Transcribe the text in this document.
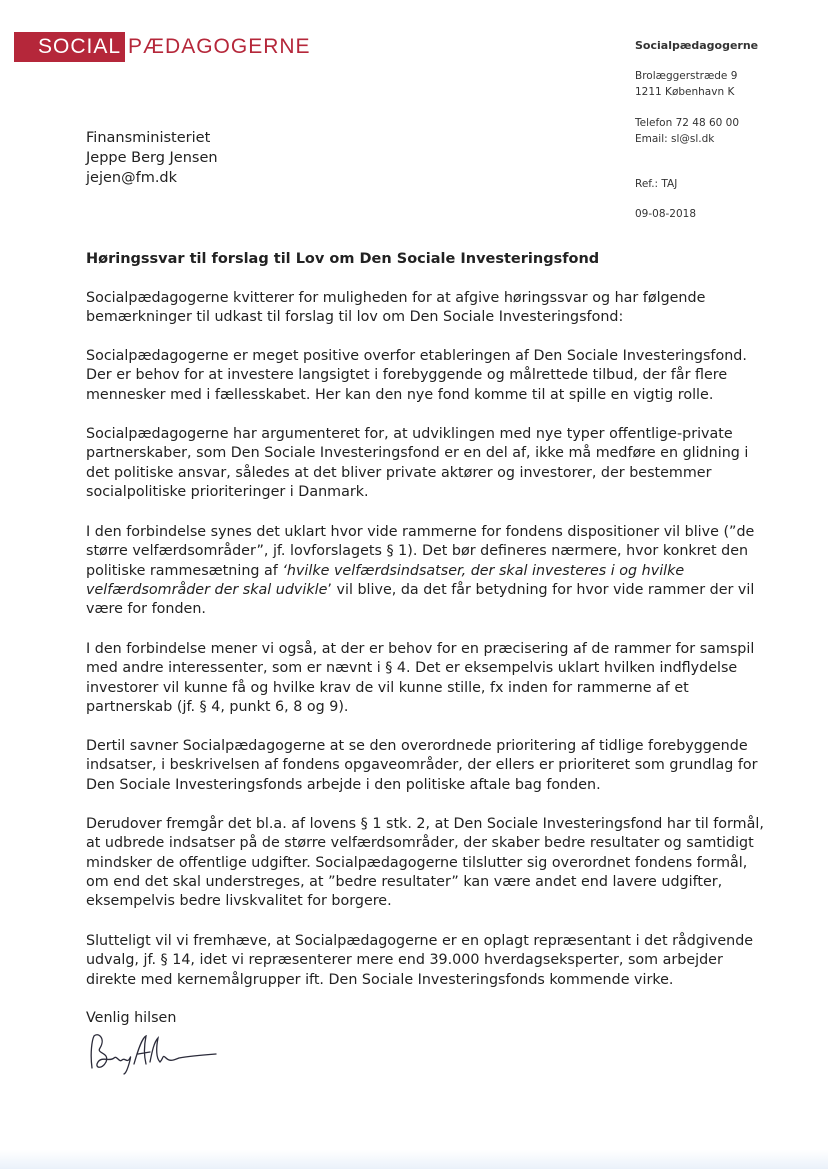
SOCIAL PÆDAGOGERNE	Socialpædagogerne
Brolæggerstræde 9
1211 København K
Telefon 72 48 60 00
Email: sl@sl.dk
Ref.: TAJ
09-08-2018
Finansministeriet
Jeppe Berg Jensen
jejen@fm.dk
Høringssvar til forslag til Lov om Den Sociale Investeringsfond

Socialpædagogerne kvitterer for muligheden for at afgive høringssvar og har følgende bemærkninger til udkast til forslag til lov om Den Sociale Investeringsfond:

Socialpædagogerne er meget positive overfor etableringen af Den Sociale Investeringsfond. Der er behov for at investere langsigtet i forebyggende og målrettede tilbud, der får flere mennesker med i fællesskabet. Her kan den nye fond komme til at spille en vigtig rolle.

Socialpædagogerne har argumenteret for, at udviklingen med nye typer offentlige-private partnerskaber, som Den Sociale Investeringsfond er en del af, ikke må medføre en glidning i det politiske ansvar, således at det bliver private aktører og investorer, der bestemmer socialpolitiske prioriteringer i Danmark.

I den forbindelse synes det uklart hvor vide rammerne for fondens dispositioner vil blive (”de større velfærdsområder”, jf. lovforslagets § 1). Det bør defineres nærmere, hvor konkret den politiske rammesætning af ‘hvilke velfærdsindsatser, der skal investeres i og hvilke velfærdsområder der skal udvikle’ vil blive, da det får betydning for hvor vide rammer der vil være for fonden.

I den forbindelse mener vi også, at der er behov for en præcisering af de rammer for samspil med andre interessenter, som er nævnt i § 4. Det er eksempelvis uklart hvilken indflydelse investorer vil kunne få og hvilke krav de vil kunne stille, fx inden for rammerne af et partnerskab (jf. § 4, punkt 6, 8 og 9).

Dertil savner Socialpædagogerne at se den overordnede prioritering af tidlige forebyggende indsatser, i beskrivelsen af fondens opgaveområder, der ellers er prioriteret som grundlag for Den Sociale Investeringsfonds arbejde i den politiske aftale bag fonden.

Derudover fremgår det bl.a. af lovens § 1 stk. 2, at Den Sociale Investeringsfond har til formål, at udbrede indsatser på de større velfærdsområder, der skaber bedre resultater og samtidigt mindsker de offentlige udgifter. Socialpædagogerne tilslutter sig overordnet fondens formål, om end det skal understreges, at ”bedre resultater” kan være andet end lavere udgifter, eksempelvis bedre livskvalitet for borgere.

Slutteligt vil vi fremhæve, at Socialpædagogerne er en oplagt repræsentant i det rådgivende udvalg, jf. § 14, idet vi repræsenterer mere end 39.000 hverdagseksperter, som arbejder direkte med kernemålgrupper ift. Den Sociale Investeringsfonds kommende virke.

Venlig hilsen
